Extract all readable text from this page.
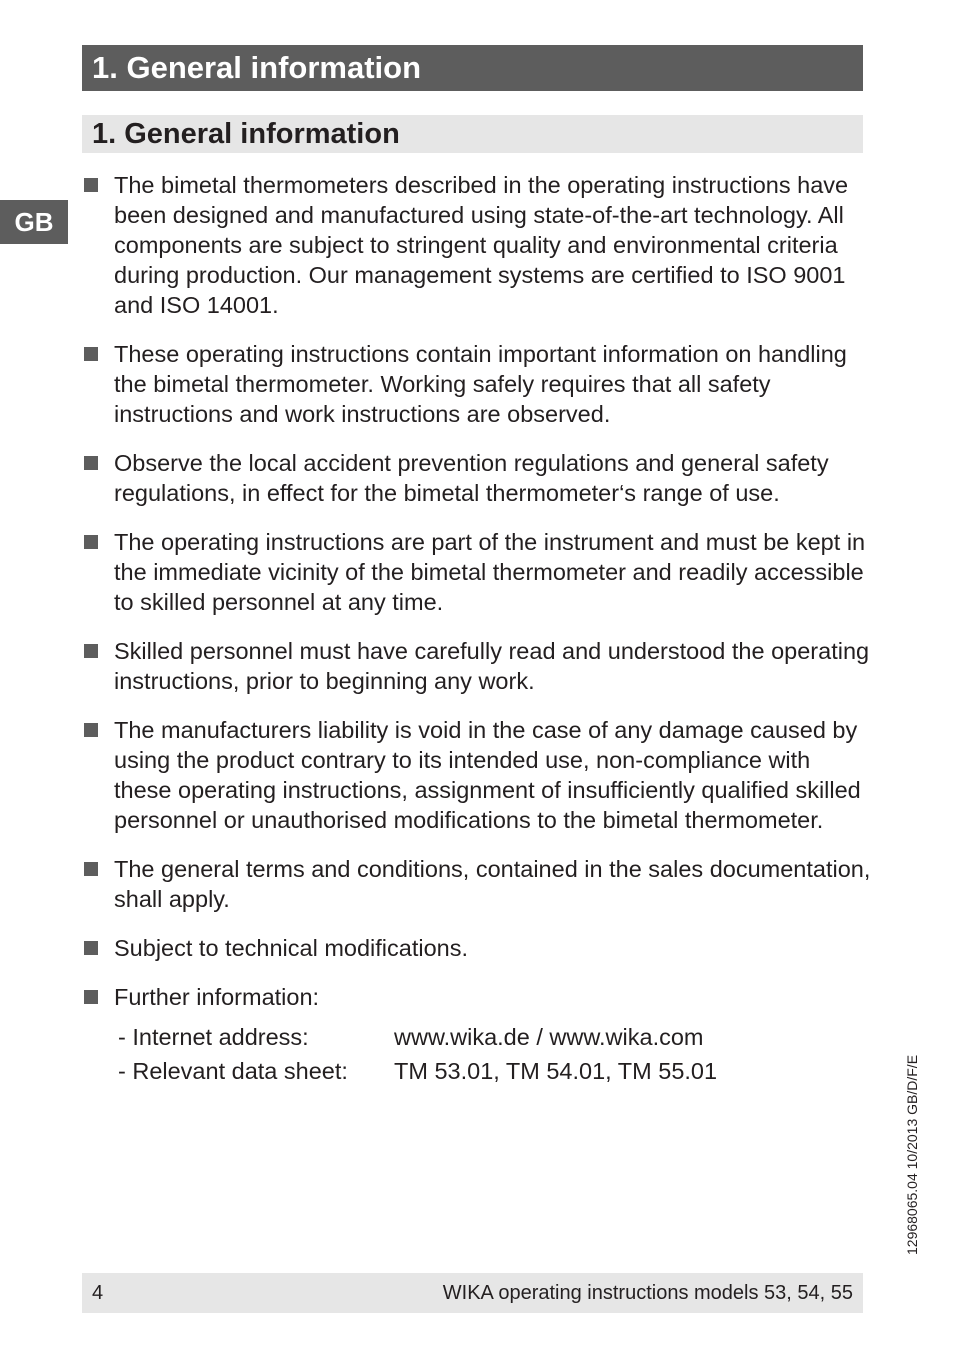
1. General information
1. General information
GB
The bimetal thermometers described in the operating instructions have been designed and manufactured using state-of-the-art technology. All components are subject to stringent quality and environmental criteria during production. Our management systems are certified to ISO 9001 and ISO 14001.
These operating instructions contain important information on handling the bimetal thermometer. Working safely requires that all safety instructions and work instructions are observed.
Observe the local accident prevention regulations and general safety regulations, in effect for the bimetal thermometer‘s range of use.
The operating instructions are part of the instrument and must be kept in the immediate vicinity of the bimetal thermometer and readily accessible to skilled personnel at any time.
Skilled personnel must have carefully read and understood the operating instructions, prior to beginning any work.
The manufacturers liability is void in the case of any damage caused by using the product contrary to its intended use, non-compliance with these operating instructions, assignment of insufficiently qualified skilled personnel or unauthorised modifications to the bimetal thermometer.
The general terms and conditions, contained in the sales documentation, shall apply.
Subject to technical modifications.
Further information:
- Internet address:	www.wika.de / www.wika.com
- Relevant data sheet:	TM 53.01, TM 54.01, TM 55.01	12968065.04 10/2013 GB/D/F/E
4	WIKA operating instructions models 53, 54, 55
